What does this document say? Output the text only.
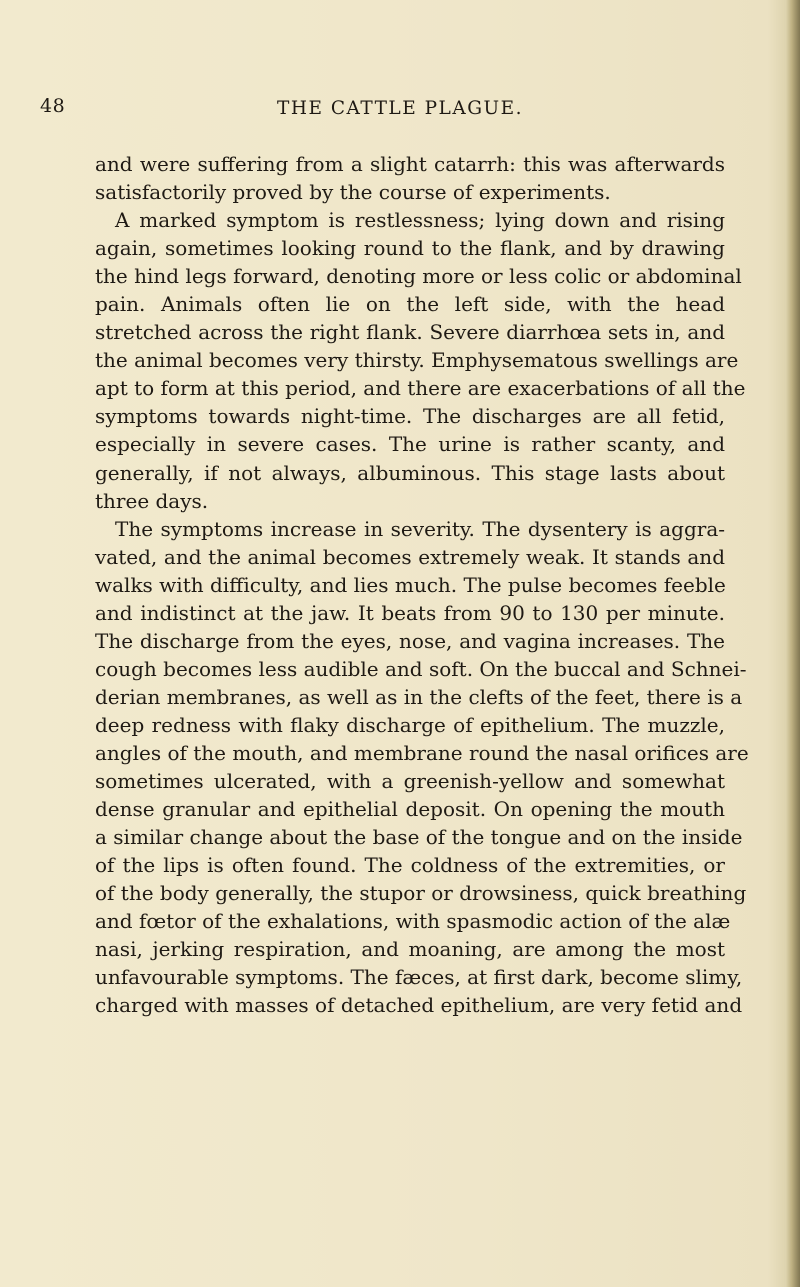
48	THE CATTLE PLAGUE.
and were suffering from a slight catarrh: this was afterwards
satisfactorily proved by the course of experiments.
A marked symptom is restlessness; lying down and rising
again, sometimes looking round to the flank, and by drawing
the hind legs forward, denoting more or less colic or abdominal
pain. Animals often lie on the left side, with the head
stretched across the right flank. Severe diarrhœa sets in, and
the animal becomes very thirsty. Emphysematous swellings are
apt to form at this period, and there are exacerbations of all the
symptoms towards night-time. The discharges are all fetid,
especially in severe cases. The urine is rather scanty, and
generally, if not always, albuminous. This stage lasts about
three days.
The symptoms increase in severity. The dysentery is aggra-
vated, and the animal becomes extremely weak. It stands and
walks with difficulty, and lies much. The pulse becomes feeble
and indistinct at the jaw. It beats from 90 to 130 per minute.
The discharge from the eyes, nose, and vagina increases. The
cough becomes less audible and soft. On the buccal and Schnei-
derian membranes, as well as in the clefts of the feet, there is a
deep redness with flaky discharge of epithelium. The muzzle,
angles of the mouth, and membrane round the nasal orifices are
sometimes ulcerated, with a greenish-yellow and somewhat
dense granular and epithelial deposit. On opening the mouth
a similar change about the base of the tongue and on the inside
of the lips is often found. The coldness of the extremities, or
of the body generally, the stupor or drowsiness, quick breathing
and fœtor of the exhalations, with spasmodic action of the alæ
nasi, jerking respiration, and moaning, are among the most
unfavourable symptoms. The fæces, at first dark, become slimy,
charged with masses of detached epithelium, are very fetid and
